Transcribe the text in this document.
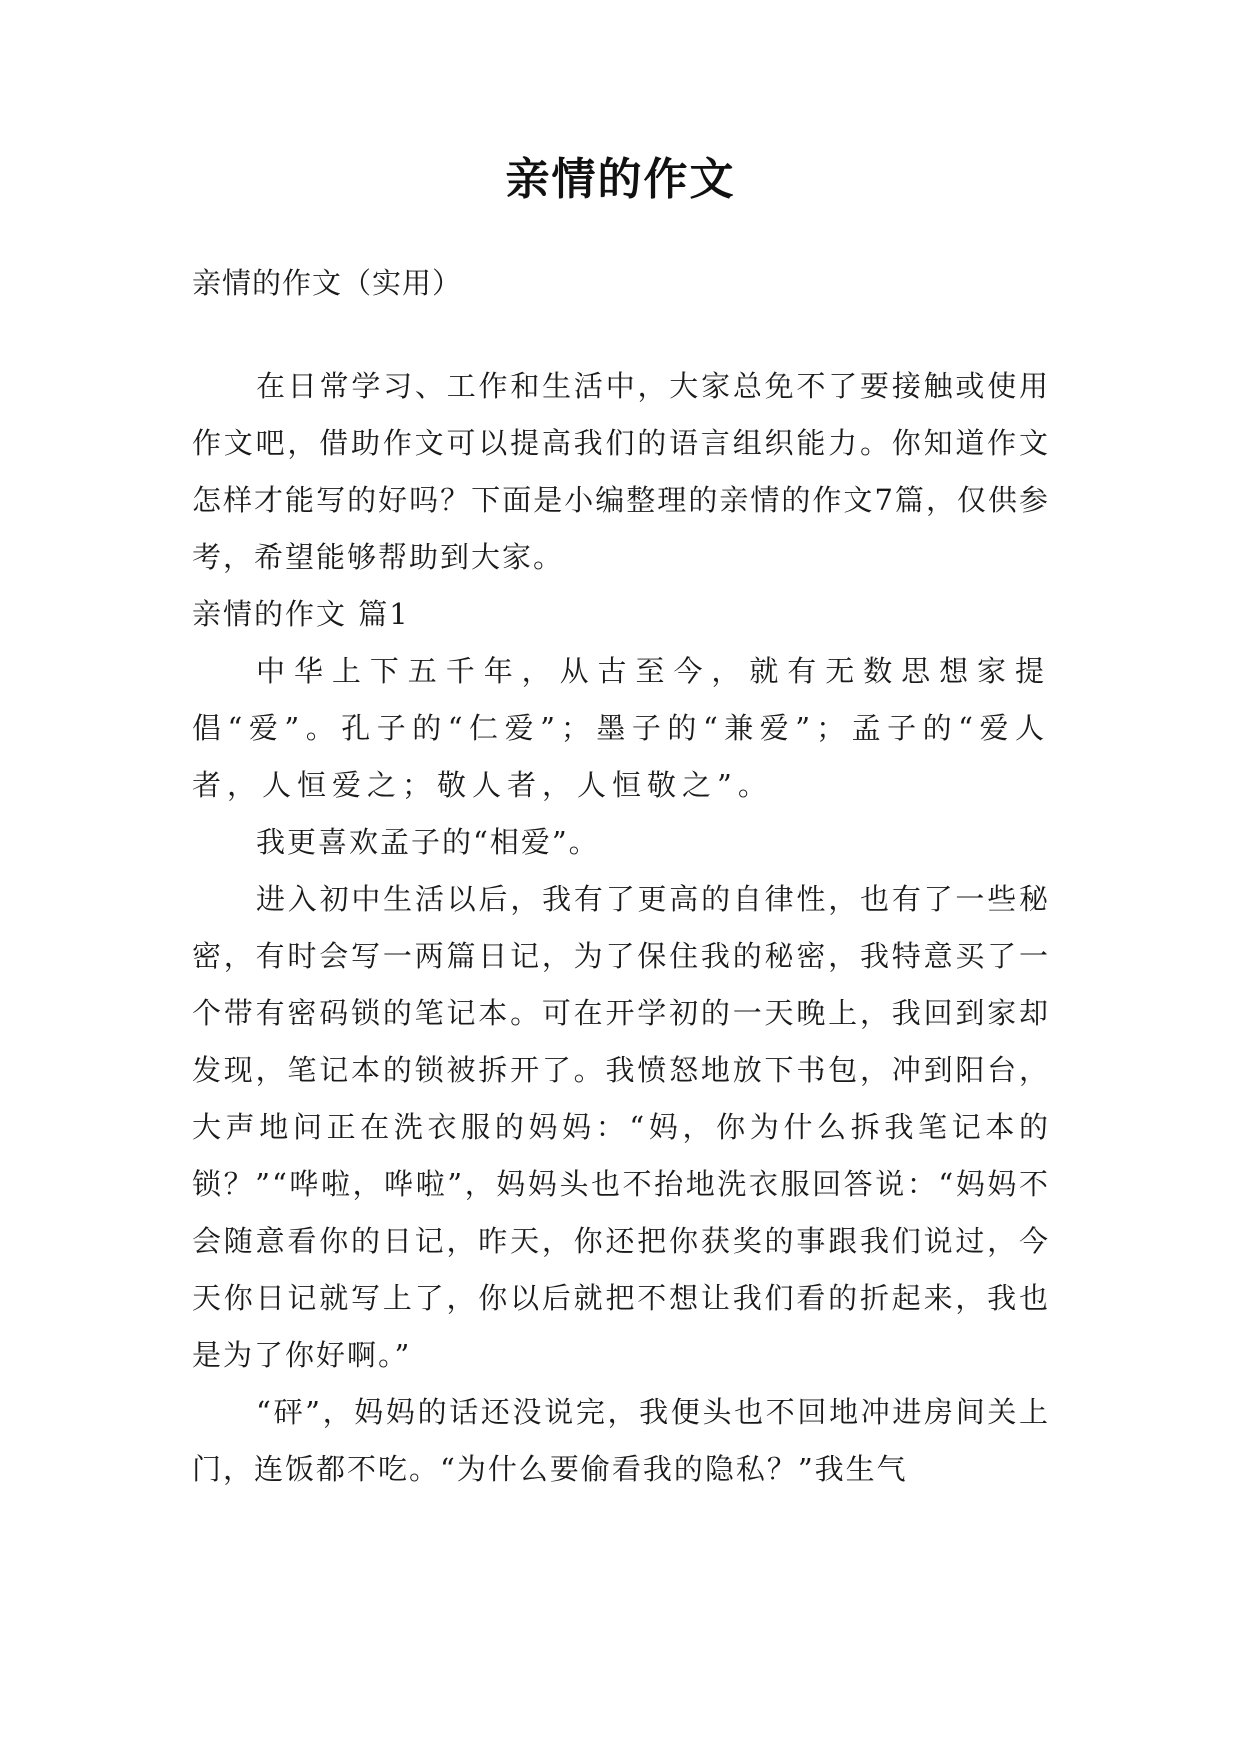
亲情的作文
亲情的作文（实用）

在日常学习、工作和生活中，大家总免不了要接触或使用作文吧，借助作文可以提高我们的语言组织能力。你知道作文怎样才能写的好吗？下面是小编整理的亲情的作文7篇，仅供参考，希望能够帮助到大家。

亲情的作文 篇1

中华上下五千年，从古至今，就有无数思想家提倡“爱”。孔子的“仁爱”；墨子的“兼爱”；孟子的“爱人者，人恒爱之；敬人者，人恒敬之”。

我更喜欢孟子的“相爱”。

进入初中生活以后，我有了更高的自律性，也有了一些秘密，有时会写一两篇日记，为了保住我的秘密，我特意买了一个带有密码锁的笔记本。可在开学初的一天晚上，我回到家却发现，笔记本的锁被拆开了。我愤怒地放下书包，冲到阳台，大声地问正在洗衣服的妈妈：“妈，你为什么拆我笔记本的锁？”“哗啦，哗啦”，妈妈头也不抬地洗衣服回答说：“妈妈不会随意看你的日记，昨天，你还把你获奖的事跟我们说过，今天你日记就写上了，你以后就把不想让我们看的折起来，我也是为了你好啊。”

“砰”，妈妈的话还没说完，我便头也不回地冲进房间关上门，连饭都不吃。“为什么要偷看我的隐私？”我生气
